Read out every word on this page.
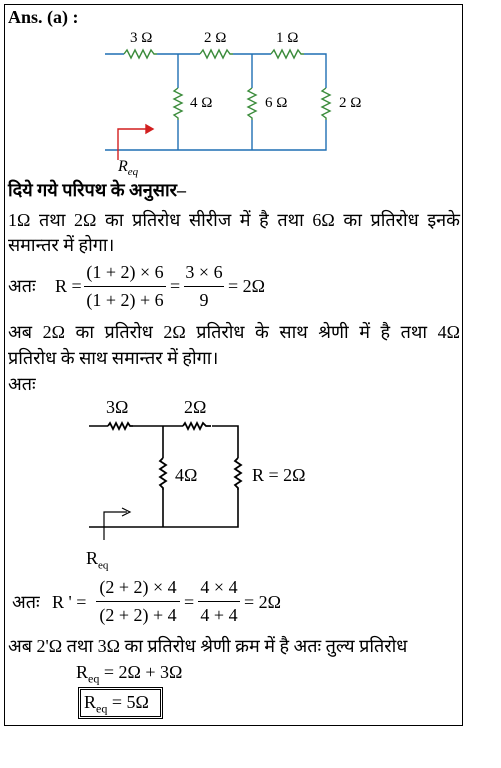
Ans. (a) :
3 Ω	2 Ω	1 Ω
4 Ω	6 Ω	2 Ω
$R_{eq}$
दिये गये परिपथ के अनुसार–
1Ω तथा 2Ω का प्रतिरोध सीरीज में है तथा 6Ω का प्रतिरोध इनके
समान्तर में होगा।
अतः R =
(1 + 2) × 6
(1 + 2) + 6
=
3 × 6
9
= 2Ω
अब 2Ω का प्रतिरोध 2Ω प्रतिरोध के साथ श्रेणी में है तथा 4Ω
प्रतिरोध के साथ समान्तर में होगा।
अतः
3Ω	2Ω
4Ω	R = 2Ω
$R_{eq}$
अतः R ' =
(2 + 2) × 4
(2 + 2) + 4
=
4 × 4
4 + 4
= 2Ω
अब 2'Ω तथा 3Ω का प्रतिरोध श्रेणी क्रम में है अतः तुल्य प्रतिरोध
$R_{eq} = 2\Omega + 3\Omega$
$R_{eq} = 5\Omega$
